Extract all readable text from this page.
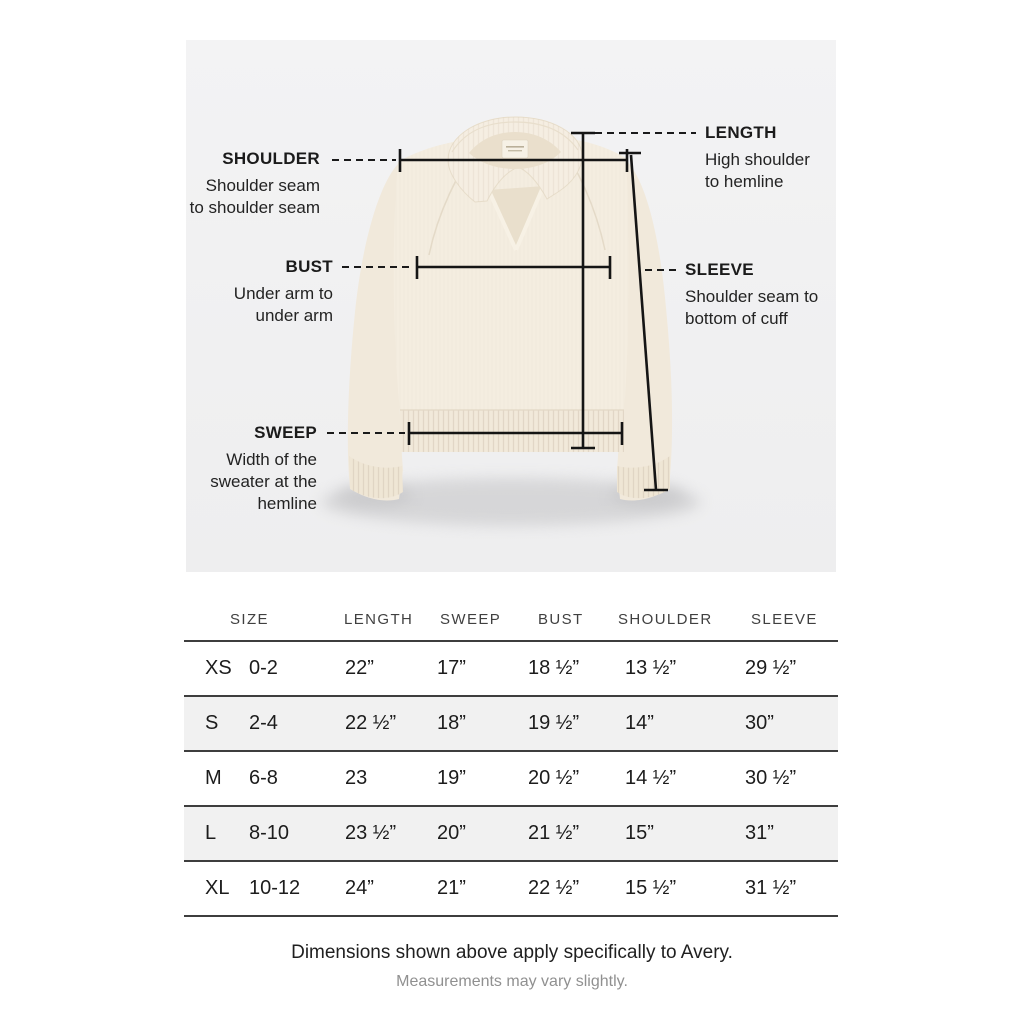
SHOULDER
Shoulder seam
to shoulder seam
LENGTH
High shoulder
to hemline
BUST
Under arm to
under arm
SLEEVE
Shoulder seam to
bottom of cuff
SWEEP
Width of the
sweater at the
hemline
SIZE	LENGTH	SWEEP	BUST	SHOULDER	SLEEVE
XS 0-2	22”	17”	18 ½”	13 ½”	29 ½”
S 2-4	22 ½”	18”	19 ½”	14”	30”
M 6-8	23	19”	20 ½”	14 ½”	30 ½”
L 8-10	23 ½”	20”	21 ½”	15”	31”
XL 10-12	24”	21”	22 ½”	15 ½”	31 ½”
Dimensions shown above apply specifically to Avery.
Measurements may vary slightly.
